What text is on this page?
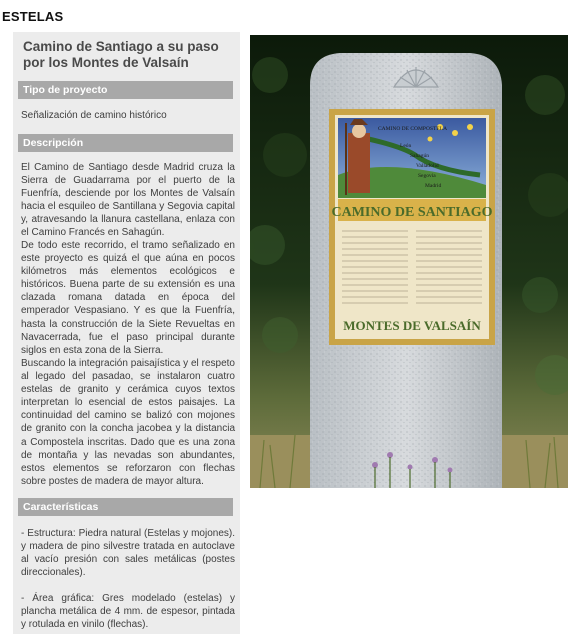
ESTELAS
Camino de Santiago a su paso por los Montes de Valsaín
Tipo de proyecto
Señalización de camino histórico
Descripción
El Camino de Santiago desde Madrid cruza la Sierra de Guadarrama por el puerto de la Fuenfría, desciende por los Montes de Valsaín hacia el esquileo de Santillana y Segovia capital y, atravesando la llanura castellana, enlaza con el Camino Francés en Sahagún.
De todo este recorrido, el tramo señalizado en este proyecto es quizá el que aúna en pocos kilómetros más elementos ecológicos e históricos. Buena parte de su extensión es una clazada romana datada en época del emperador Vespasiano. Y es que la Fuenfría, hasta la construcción de la Siete Revueltas en Navacerrada, fue el paso principal durante siglos en esta zona de la Sierra.
Buscando la integración paisajística y el respeto al legado del pasadao, se instalaron cuatro estelas de granito y cerámica cuyos textos interpretan lo esencial de estos paisajes. La continuidad del camino se balizó con mojones de granito con la concha jacobea y la distancia a Compostela inscritas. Dado que es una zona de montaña y las nevadas son abundantes, estos elementos se reforzaron con flechas sobre postes de madera de mayor altura.
Características
- Estructura: Piedra natural (Estelas y mojones). y madera de pino silvestre tratada en autoclave al vacío presión con sales metálicas (postes direccionales).
- Área gráfica: Gres modelado (estelas) y plancha metálica de 4 mm. de espesor, pintada y rotulada en vinilo (flechas).
CAMINO DE COMPOSTELA
León
Sahagún
Valladolid
Segovia
Madrid
CAMINO DE SANTIAGO
MONTES DE VALSAÍN
